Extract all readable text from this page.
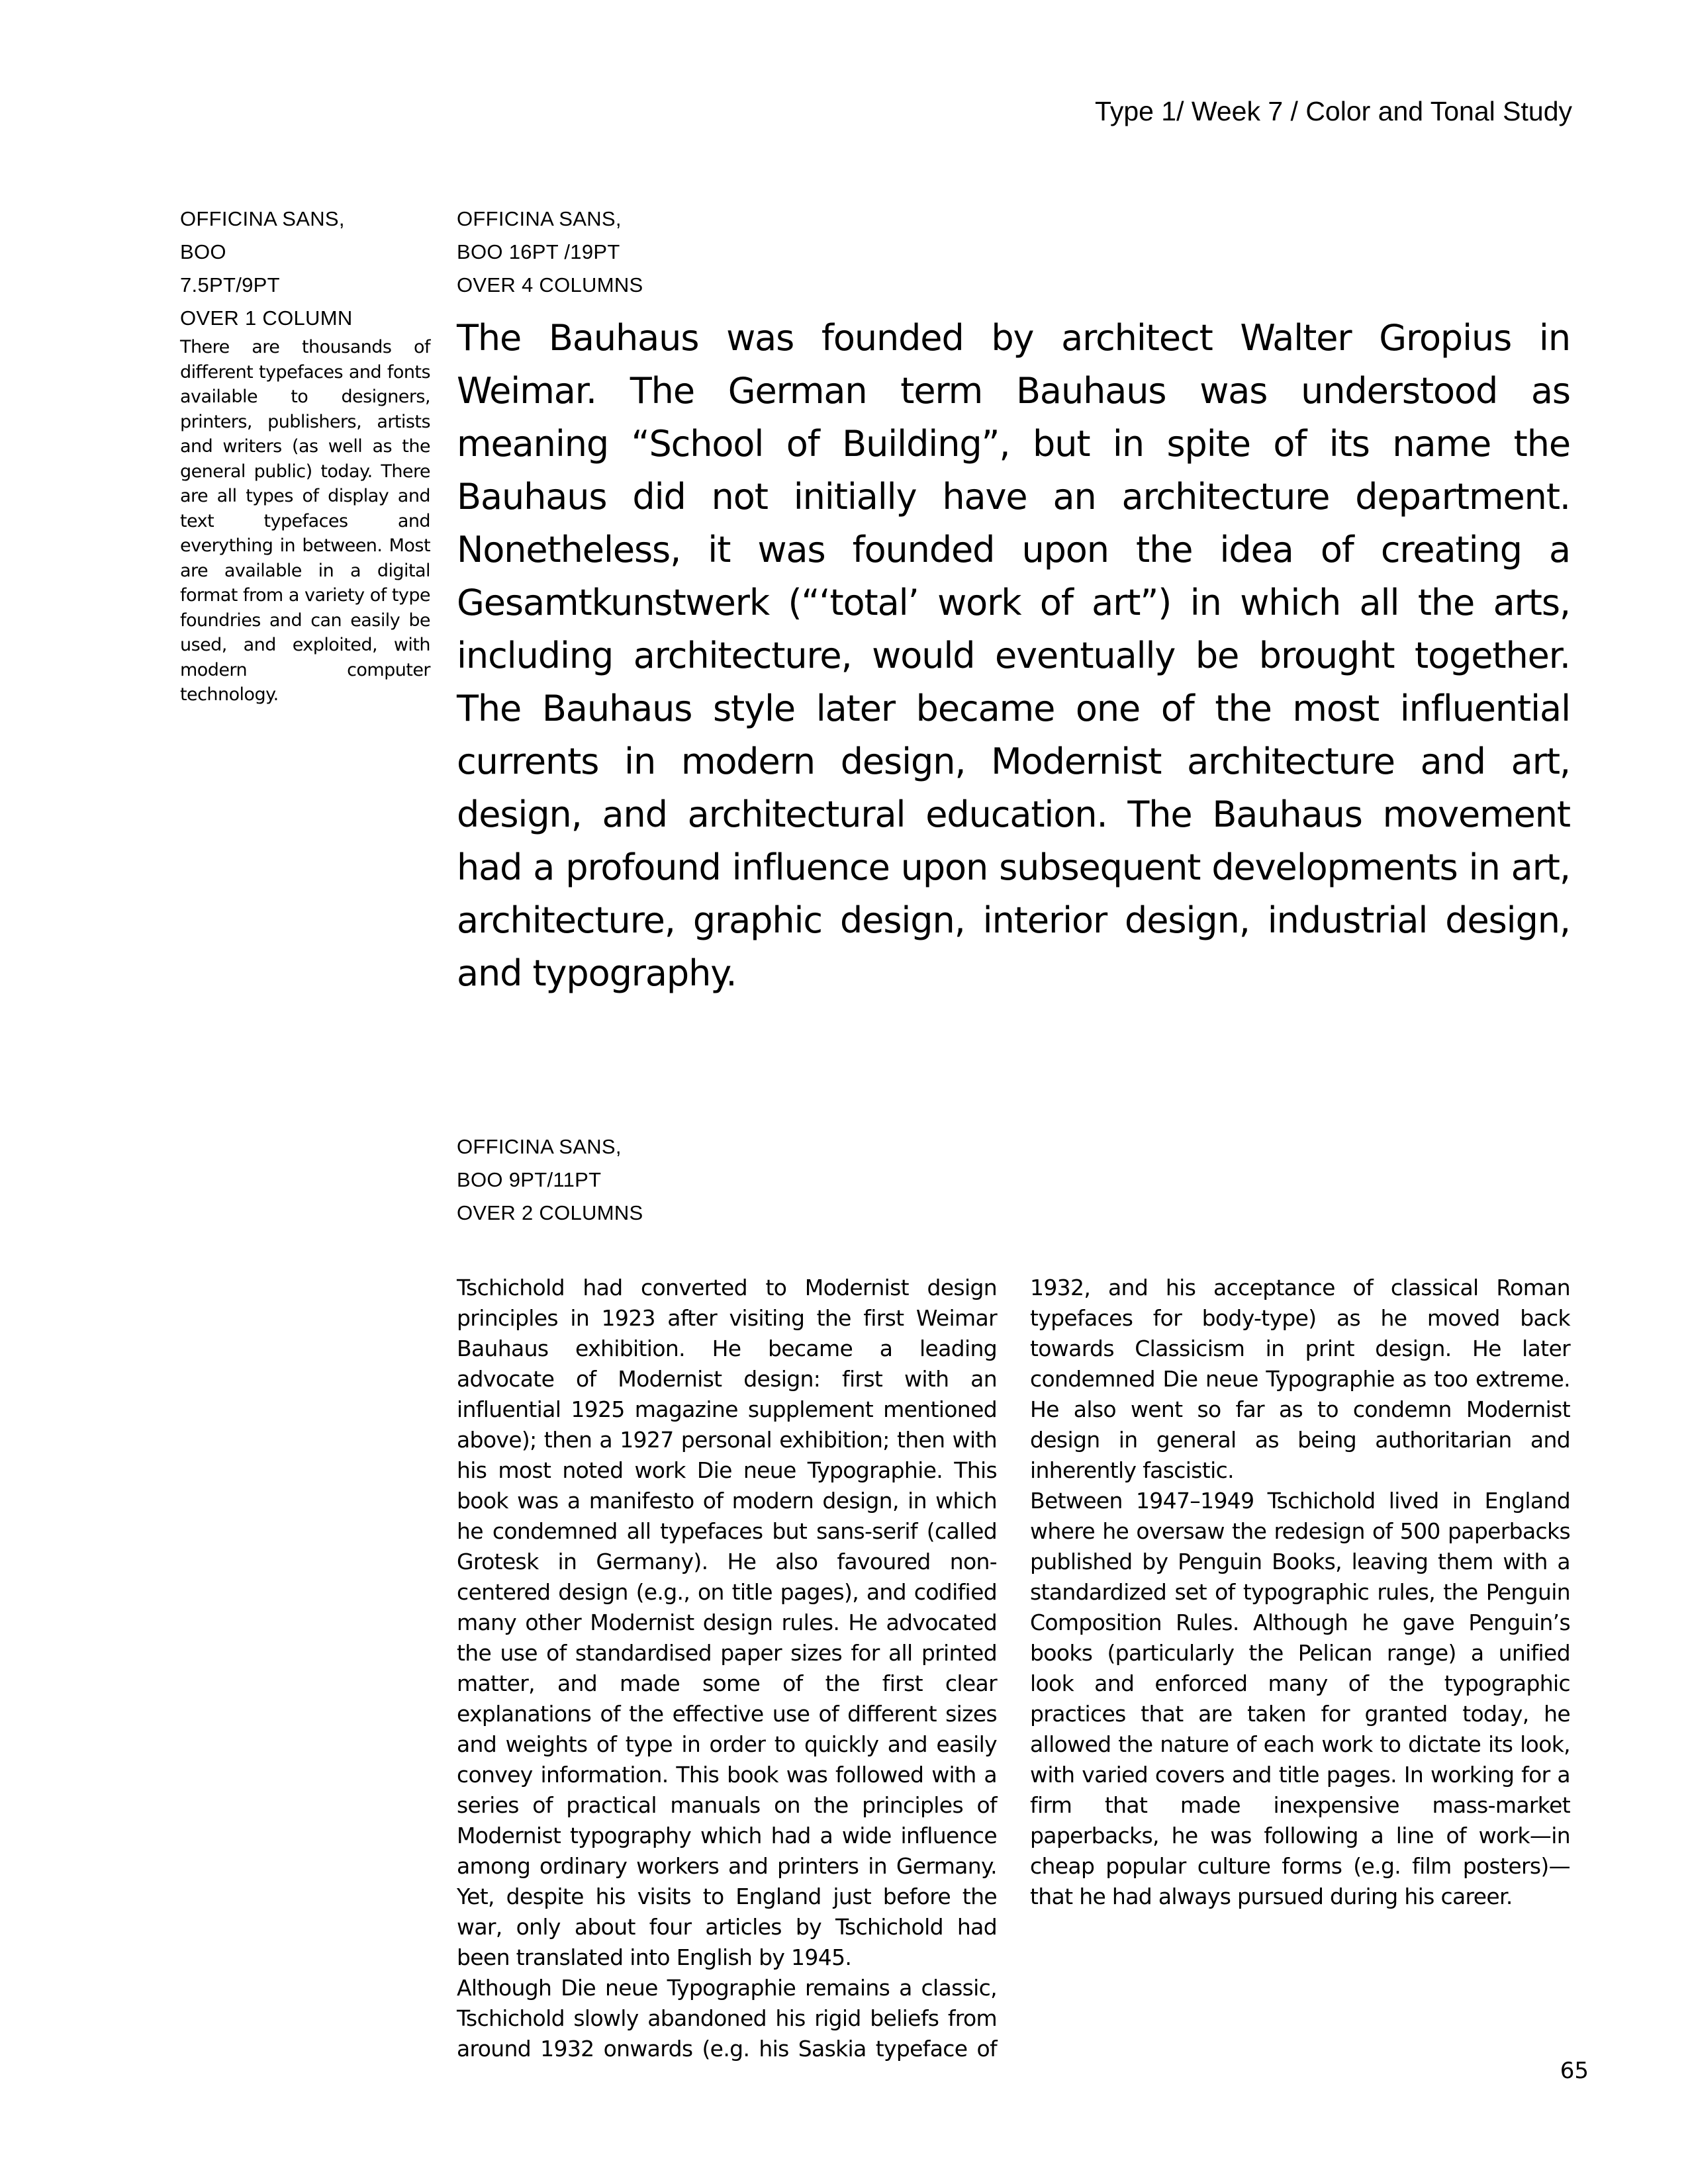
Type 1/ Week 7 / Color and Tonal Study
OFFICINA SANS,
BOO
7.5PT/9PT
OVER 1 COLUMN
OFFICINA SANS,
BOO 16PT /19PT
OVER 4 COLUMNS
There are thousands of different typefaces and fonts available to designers, printers, publishers, artists and writers (as well as the general public) today. There are all types of display and text typefaces and everything in between. Most are available in a digital format from a variety of type foundries and can easily be used, and exploited, with modern computer technology.
The Bauhaus was founded by architect Walter Gropius in Weimar. The German term Bauhaus was understood as meaning “School of Building”, but in spite of its name the Bauhaus did not initially have an architecture department. Nonetheless, it was founded upon the idea of creating a Gesamtkunstwerk (“‘total’ work of art”) in which all the arts, including architecture, would eventually be brought together. The Bauhaus style later became one of the most influential currents in modern design, Modernist architecture and art, design, and architectural education. The Bauhaus movement had a profound influence upon subsequent developments in art, architecture, graphic design, interior design, industrial design, and typography.
OFFICINA SANS,
BOO 9PT/11PT
OVER 2 COLUMNS

Tschichold had converted to Modernist design principles in 1923 after visiting the first Weimar Bauhaus exhibition. He became a leading advocate of Modernist design: first with an influential 1925 magazine supplement mentioned above); then a 1927 personal exhibition; then with his most noted work Die neue Typographie. This book was a manifesto of modern design, in which he condemned all typefaces but sans-serif (called Grotesk in Germany). He also favoured non-centered design (e.g., on title pages), and codified many other Modernist design rules. He advocated the use of standardised paper sizes for all printed matter, and made some of the first clear explanations of the effective use of different sizes and weights of type in order to quickly and easily convey information. This book was followed with a series of practical manuals on the principles of Modernist typography which had a wide influence among ordinary workers and printers in Germany. Yet, despite his visits to England just before the war, only about four articles by Tschichold had been translated into English by 1945.

Although Die neue Typographie remains a classic, Tschichold slowly abandoned his rigid beliefs from around 1932 onwards (e.g. his Saskia typeface of 1932, and his acceptance of classical Roman typefaces for body-type) as he moved back towards Classicism in print design. He later condemned Die neue Typographie as too extreme. He also went so far as to condemn Modernist design in general as being authoritarian and inherently fascistic.

Between 1947–1949 Tschichold lived in England where he oversaw the redesign of 500 paperbacks published by Penguin Books, leaving them with a standardized set of typographic rules, the Penguin Composition Rules. Although he gave Penguin’s books (particularly the Pelican range) a unified look and enforced many of the typographic practices that are taken for granted today, he allowed the nature of each work to dictate its look, with varied covers and title pages. In working for a firm that made inexpensive mass-market paperbacks, he was following a line of work—in cheap popular culture forms (e.g. film posters)—that he had always pursued during his career.

65
